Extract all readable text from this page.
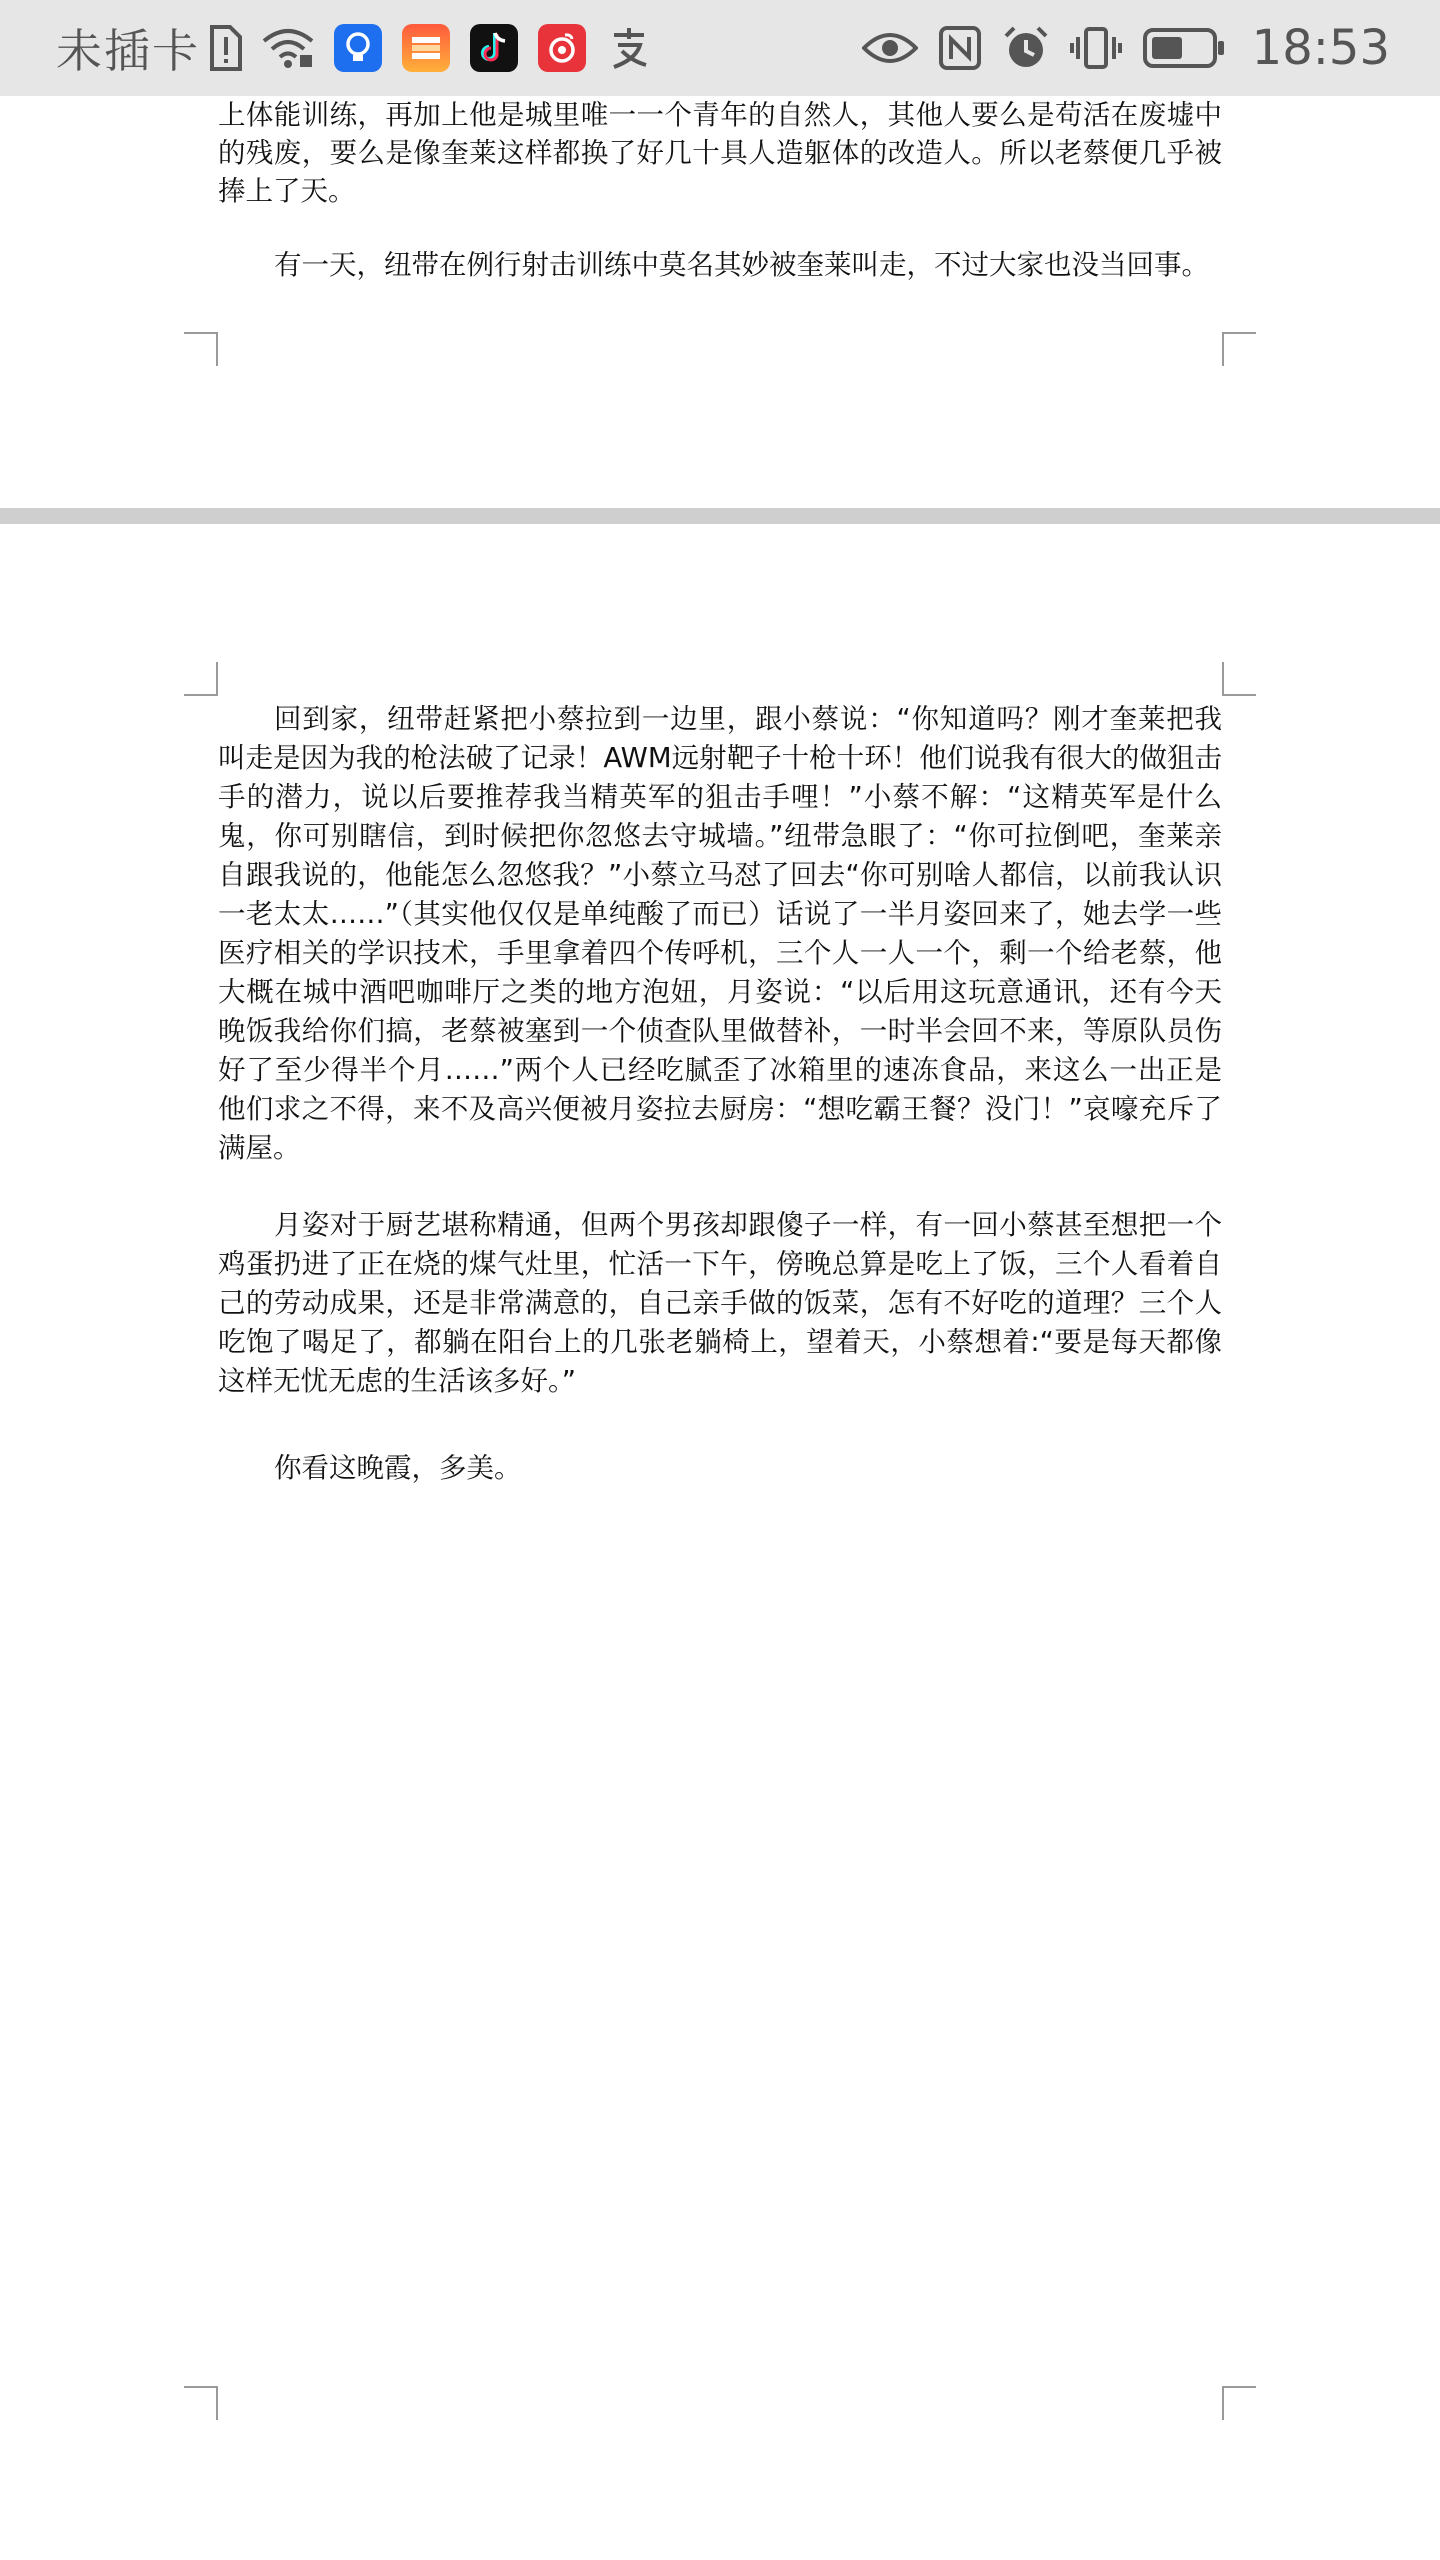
未插卡	18:53

上体能训练，再加上他是城里唯一一个青年的自然人，其他人要么是苟活在废墟中的残废，要么是像奎莱这样都换了好几十具人造躯体的改造人。所以老蔡便几乎被捧上了天。

有一天，纽带在例行射击训练中莫名其妙被奎莱叫走，不过大家也没当回事。

回到家，纽带赶紧把小蔡拉到一边里，跟小蔡说：“你知道吗？刚才奎莱把我叫走是因为我的枪法破了记录！AWM远射靶子十枪十环！他们说我有很大的做狙击手的潜力，说以后要推荐我当精英军的狙击手哩！”小蔡不解：“这精英军是什么鬼，你可别瞎信，到时候把你忽悠去守城墙。”纽带急眼了：“你可拉倒吧，奎莱亲自跟我说的，他能怎么忽悠我？”小蔡立马怼了回去“你可别啥人都信，以前我认识一老太太……”（其实他仅仅是单纯酸了而已）话说了一半月姿回来了，她去学一些医疗相关的学识技术，手里拿着四个传呼机，三个人一人一个，剩一个给老蔡，他大概在城中酒吧咖啡厅之类的地方泡妞，月姿说：“以后用这玩意通讯，还有今天晚饭我给你们搞，老蔡被塞到一个侦查队里做替补，一时半会回不来，等原队员伤好了至少得半个月……”两个人已经吃腻歪了冰箱里的速冻食品，来这么一出正是他们求之不得，来不及高兴便被月姿拉去厨房：“想吃霸王餐？没门！”哀嚎充斥了满屋。

月姿对于厨艺堪称精通，但两个男孩却跟傻子一样，有一回小蔡甚至想把一个鸡蛋扔进了正在烧的煤气灶里，忙活一下午，傍晚总算是吃上了饭，三个人看着自己的劳动成果，还是非常满意的，自己亲手做的饭菜，怎有不好吃的道理？三个人吃饱了喝足了，都躺在阳台上的几张老躺椅上，望着天，小蔡想着:“要是每天都像这样无忧无虑的生活该多好。”

你看这晚霞，多美。
